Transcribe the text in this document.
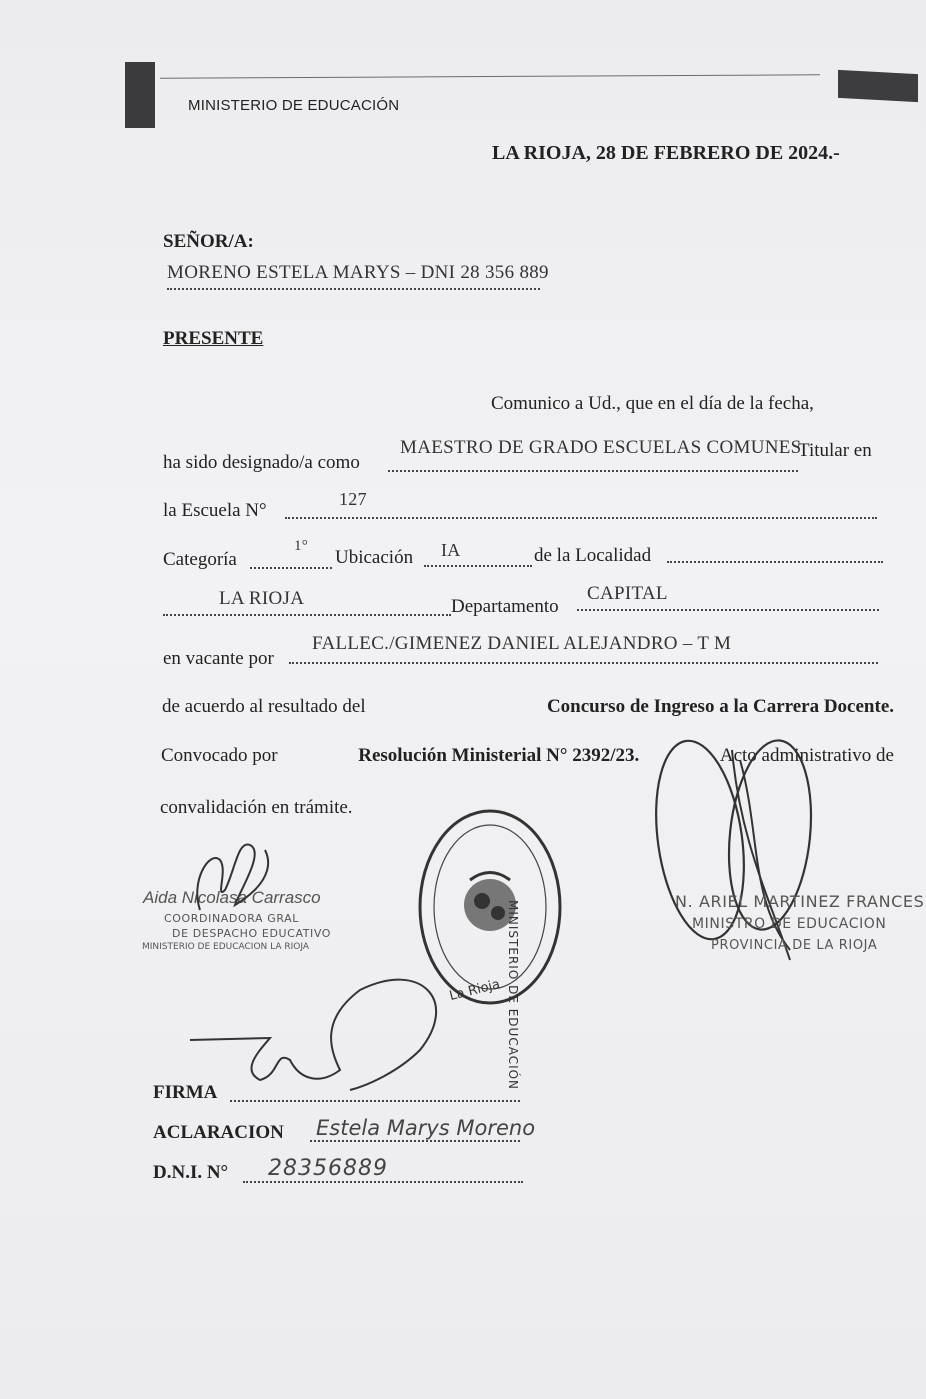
MINISTERIO DE EDUCACIÓN
LA RIOJA, 28 DE FEBRERO DE 2024.-
SEÑOR/A:
MORENO ESTELA MARYS – DNI 28 356 889
PRESENTE
Comunico a Ud., que en el día de la fecha,
ha sido designado/a como
MAESTRO DE GRADO ESCUELAS COMUNES
Titular en
la Escuela N°
127
Categoría
1°
Ubicación IA	de la Localidad
LA RIOJA	Departamento
CAPITAL
en vacante por
FALLEC./GIMENEZ DANIEL ALEJANDRO – T M
de acuerdo al resultado del	Concurso de Ingreso a la Carrera Docente.
Convocado por	Resolución Ministerial N° 2392/23.	Acto administrativo de
convalidación en trámite.
Aida Nicolasa Carrasco
COORDINADORA GRAL
DE DESPACHO EDUCATIVO
MINISTERIO DE EDUCACION LA RIOJA
La Rioja MINISTERIO DE EDUCACIÓN	N. ARIEL MARTINEZ FRANCES
MINISTRO DE EDUCACION
PROVINCIA DE LA RIOJA
FIRMA
ACLARACION Estela Marys Moreno
D.N.I. N° 28356889
